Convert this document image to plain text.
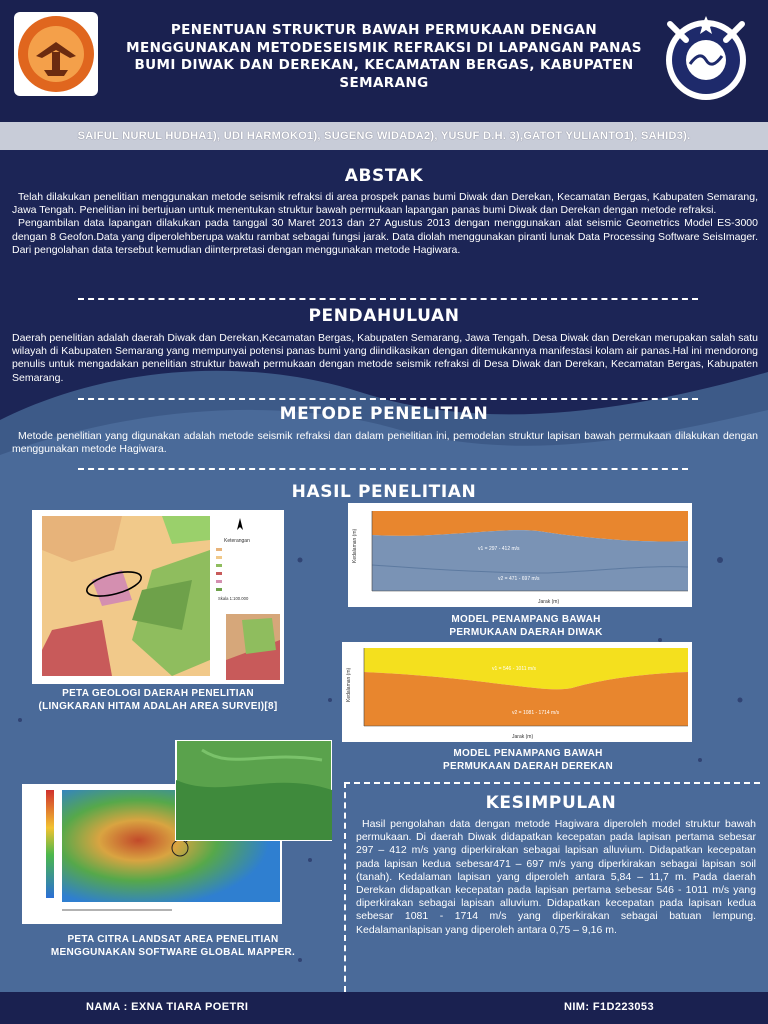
PENENTUAN STRUKTUR BAWAH PERMUKAAN DENGAN
MENGGUNAKAN METODESEISMIK REFRAKSI DI LAPANGAN PANAS
BUMI DIWAK DAN DEREKAN, KECAMATAN BERGAS, KABUPATEN
SEMARANG
SAIFUL NURUL HUDHA1), UDI HARMOKO1), SUGENG WIDADA2), YUSUF D.H. 3),GATOT YULIANTO1), SAHID3).
ABSTAK

Telah dilakukan penelitian menggunakan metode seismik refraksi di area prospek panas bumi Diwak dan Derekan, Kecamatan Bergas, Kabupaten Semarang, Jawa Tengah. Penelitian ini bertujuan untuk menentukan struktur bawah permukaan lapangan panas bumi Diwak dan Derekan dengan metode refraksi.

Pengambilan data lapangan dilakukan pada tanggal 30 Maret 2013 dan 27 Agustus 2013 dengan menggunakan alat seismic Geometrics Model ES-3000 dengan 8 Geofon.Data yang diperolehberupa waktu rambat sebagai fungsi jarak. Data diolah menggunakan piranti lunak Data Processing Software SeisImager. Dari pengolahan data tersebut kemudian diinterpretasi dengan menggunakan metode Hagiwara.

PENDAHULUAN
Daerah penelitian adalah daerah Diwak dan Derekan,Kecamatan Bergas, Kabupaten Semarang, Jawa Tengah. Desa Diwak dan Derekan merupakan salah satu wilayah di Kabupaten Semarang yang mempunyai potensi panas bumi yang diindikasikan dengan ditemukannya manifestasi kolam air panas.Hal ini mendorong penulis untuk mengadakan penelitian struktur bawah permukaan dengan metode seismik refraksi di Desa Diwak dan Derekan, Kecamatan Bergas, Kabupaten Semarang.
METODE PENELITIAN
Metode penelitian yang digunakan adalah metode seismik refraksi dan dalam penelitian ini, pemodelan struktur lapisan bawah permukaan dilakukan dengan menggunakan metode Hagiwara.
HASIL PENELITIAN
Keterangan
Skala 1:100.000
PETA GEOLOGI DAERAH PENELITIAN
(LINGKARAN HITAM ADALAH AREA SURVEI)[8]
v1 = 297 - 412 m/s
v2 = 471 - 697 m/s
Jarak (m)
Kedalaman (m)
MODEL PENAMPANG BAWAH
PERMUKAAN DAERAH DIWAK
v1 = 546 - 1011 m/s
v2 = 1081 - 1714 m/s
Jarak (m)
Kedalaman (m)
MODEL PENAMPANG BAWAH
PERMUKAAN DAERAH DEREKAN
PETA CITRA LANDSAT AREA PENELITIAN
MENGGUNAKAN SOFTWARE GLOBAL MAPPER.
KESIMPULAN
Hasil pengolahan data dengan metode Hagiwara diperoleh model struktur bawah permukaan. Di daerah Diwak didapatkan kecepatan pada lapisan pertama sebesar 297 – 412 m/s yang diperkirakan sebagai lapisan alluvium. Didapatkan kecepatan pada lapisan kedua sebesar471 – 697 m/s yang diperkirakan sebagai lapisan soil (tanah). Kedalaman lapisan yang diperoleh antara 5,84 – 11,7 m. Pada daerah Derekan didapatkan kecepatan pada lapisan pertama sebesar 546 - 1011 m/s yang diperkirakan sebagai lapisan alluvium. Didapatkan kecepatan pada lapisan kedua sebesar 1081 - 1714 m/s yang diperkirakan sebagai batuan lempung. Kedalamanlapisan yang diperoleh antara 0,75 – 9,16 m.
NAMA : EXNA TIARA POETRI	NIM: F1D223053
